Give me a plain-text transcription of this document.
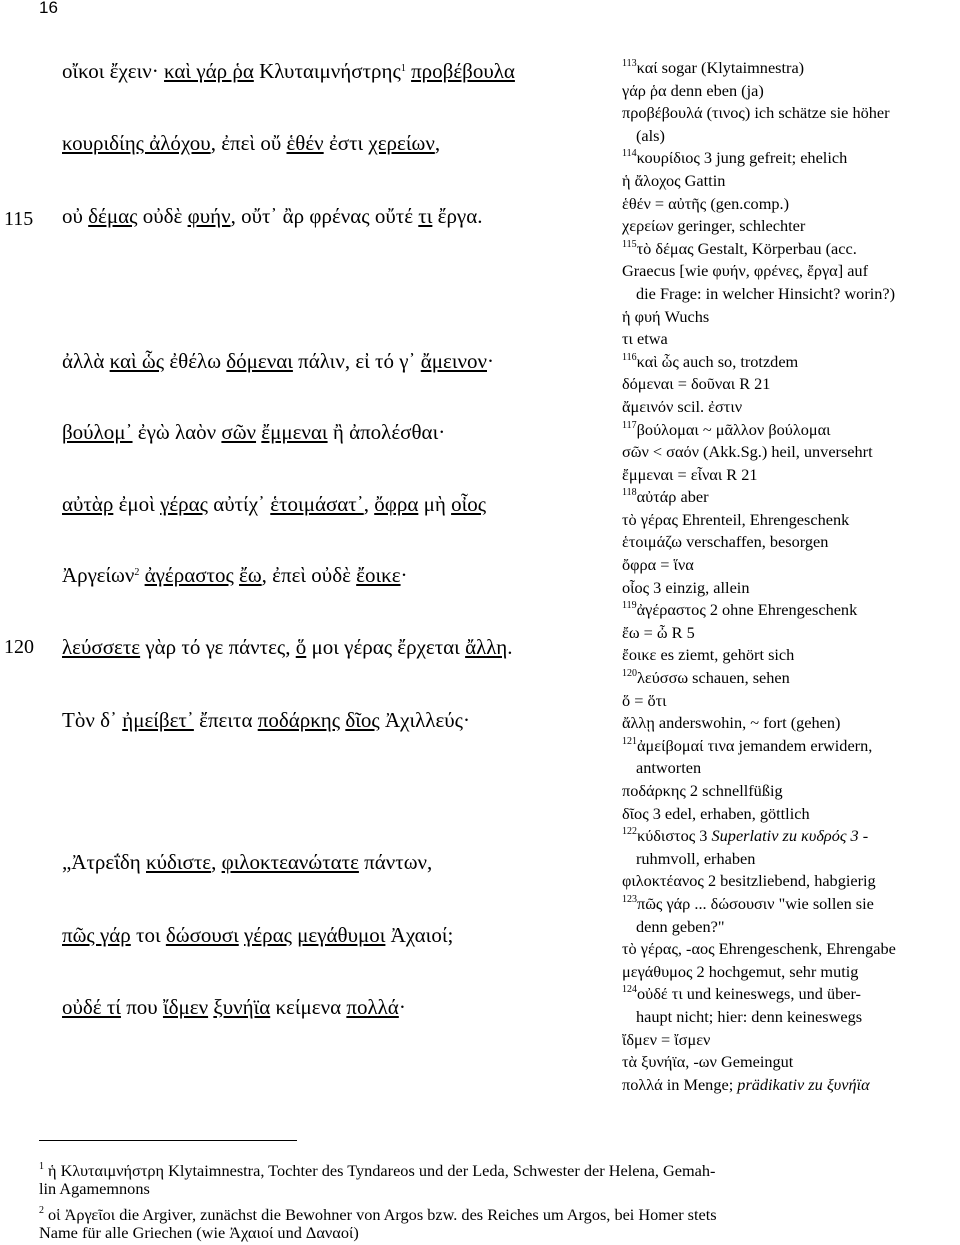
16
115
120
οἴκοι ἔχειν· καὶ γάρ ῥα Κλυταιμνήστρης$^1$ προβέβουλα
κουριδίης ἀλόχου, ἐπεὶ οὔ ἑθέν ἐστι χερείων,
οὐ δέμας οὐδὲ φυήν, οὔτ᾽ ἂρ φρένας οὔτέ τι ἔργα.
ἀλλὰ καὶ ὧς ἐθέλω δόμεναι πάλιν, εἰ τό γ᾽ ἄμεινον·
βούλομ᾽ ἐγὼ λαὸν σῶν ἔμμεναι ἢ ἀπολέσθαι·
αὐτὰρ ἐμοὶ γέρας αὐτίχ᾽ ἑτοιμάσατ᾽, ὄφρα μὴ οἶος
Ἀργείων$^2$ ἀγέραστος ἔω, ἐπεὶ οὐδὲ ἔοικε·
λεύσσετε γὰρ τό γε πάντες, ὅ μοι γέρας ἔρχεται ἄλλη.
Τὸν δ᾽ ἠμείβετ᾽ ἔπειτα ποδάρκης δῖος Ἀχιλλεύς·
„Ἀτρεΐδη κύδιστε, φιλοκτεανώτατε πάντων,
πῶς γάρ τοι δώσουσι γέρας μεγάθυμοι Ἀχαιοί;
οὐδέ τί που ἴδμεν ξυνήϊα κείμενα πολλά·
$^{113}$καί sogar (Klytaimnestra)
γάρ ῥα denn eben (ja)
προβέβουλά (τινος) ich schätze sie höher
(als)
$^{114}$κουρίδιος 3 jung gefreit; ehelich
ἡ ἄλοχος Gattin
ἑθέν = αὐτῆς (gen.comp.)
χερείων geringer, schlechter
$^{115}$τὸ δέμας Gestalt, Körperbau (acc.
Graecus [wie φυήν, φρένες, ἔργα] auf
die Frage: in welcher Hinsicht? worin?)
ἡ φυή Wuchs
τι etwa
$^{116}$καὶ ὧς auch so, trotzdem
δόμεναι = δοῦναι R 21
ἄμεινόν scil. ἐστιν
$^{117}$βούλομαι ~ μᾶλλον βούλομαι
σῶν < σαόν (Akk.Sg.) heil, unversehrt
ἔμμεναι = εἶναι R 21
$^{118}$αὐτάρ aber
τὸ γέρας Ehrenteil, Ehrengeschenk
ἑτοιμάζω verschaffen, besorgen
ὄφρα = ἵνα
οἶος 3 einzig, allein
$^{119}$ἀγέραστος 2 ohne Ehrengeschenk
ἔω = ὦ R 5
ἔοικε es ziemt, gehört sich
$^{120}$λεύσσω schauen, sehen
ὅ = ὅτι
ἄλλῃ anderswohin, ~ fort (gehen)
$^{121}$ἀμείβομαί τινα jemandem erwidern,
antworten
ποδάρκης 2 schnellfüßig
δῖος 3 edel, erhaben, göttlich
$^{122}$κύδιστος 3 Superlativ zu κυδρός 3 -
ruhmvoll, erhaben
φιλοκτέανος 2 besitzliebend, habgierig
$^{123}$πῶς γάρ ... δώσουσιν "wie sollen sie
denn geben?"
τὸ γέρας, -αος Ehrengeschenk, Ehrengabe
μεγάθυμος 2 hochgemut, sehr mutig
$^{124}$οὐδέ τι und keineswegs, und über-
haupt nicht; hier: denn keineswegs
ἴδμεν = ἴσμεν
τὰ ξυνήϊα, -ων Gemeingut
πολλά in Menge; prädikativ zu ξυνήϊα
$^1$ ἡ Κλυταιμνήστρη Klytaimnestra, Tochter des Tyndareos und der Leda, Schwester der Helena, Gemah-
lin Agamemnons
$^2$ οἱ Ἀργεῖοι die Argiver, zunächst die Bewohner von Argos bzw. des Reiches um Argos, bei Homer stets
Name für alle Griechen (wie Ἀχαιοί und Δαναοί)
